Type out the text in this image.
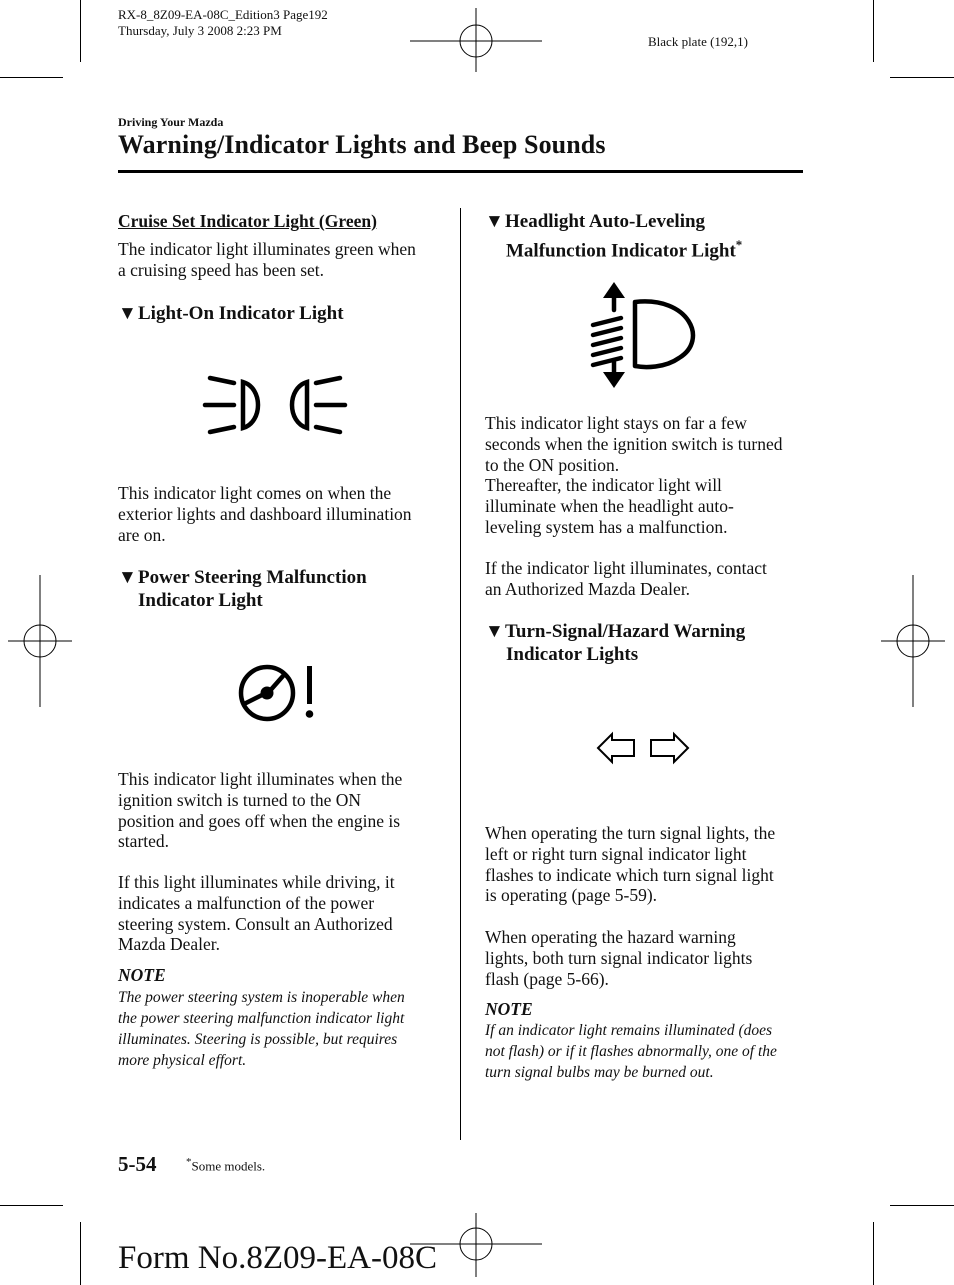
RX-8_8Z09-EA-08C_Edition3 Page192
Thursday, July 3 2008 2:23 PM
Black plate (192,1)
Driving Your Mazda
Warning/Indicator Lights and Beep Sounds
Cruise Set Indicator Light (Green)

The indicator light illuminates green when

a cruising speed has been set.

▼Light-On Indicator Light

This indicator light comes on when the

exterior lights and dashboard illumination

are on.

▼Power Steering Malfunction
Indicator Light

This indicator light illuminates when the

ignition switch is turned to the ON

position and goes off when the engine is

started.

If this light illuminates while driving, it

indicates a malfunction of the power

steering system. Consult an Authorized

Mazda Dealer.

NOTE

The power steering system is inoperable when

the power steering malfunction indicator light

illuminates. Steering is possible, but requires

more physical effort.

▼Headlight Auto-Leveling
Malfunction Indicator Light*

This indicator light stays on far a few

seconds when the ignition switch is turned

to the ON position.

Thereafter, the indicator light will

illuminate when the headlight auto-

leveling system has a malfunction.

If the indicator light illuminates, contact

an Authorized Mazda Dealer.

▼Turn-Signal/Hazard Warning
Indicator Lights

When operating the turn signal lights, the

left or right turn signal indicator light

flashes to indicate which turn signal light

is operating (page 5-59).

When operating the hazard warning

lights, both turn signal indicator lights

flash (page 5-66).

NOTE

If an indicator light remains illuminated (does

not flash) or if it flashes abnormally, one of the

turn signal bulbs may be burned out.

5-54	*Some models.
Form No.8Z09-EA-08C
